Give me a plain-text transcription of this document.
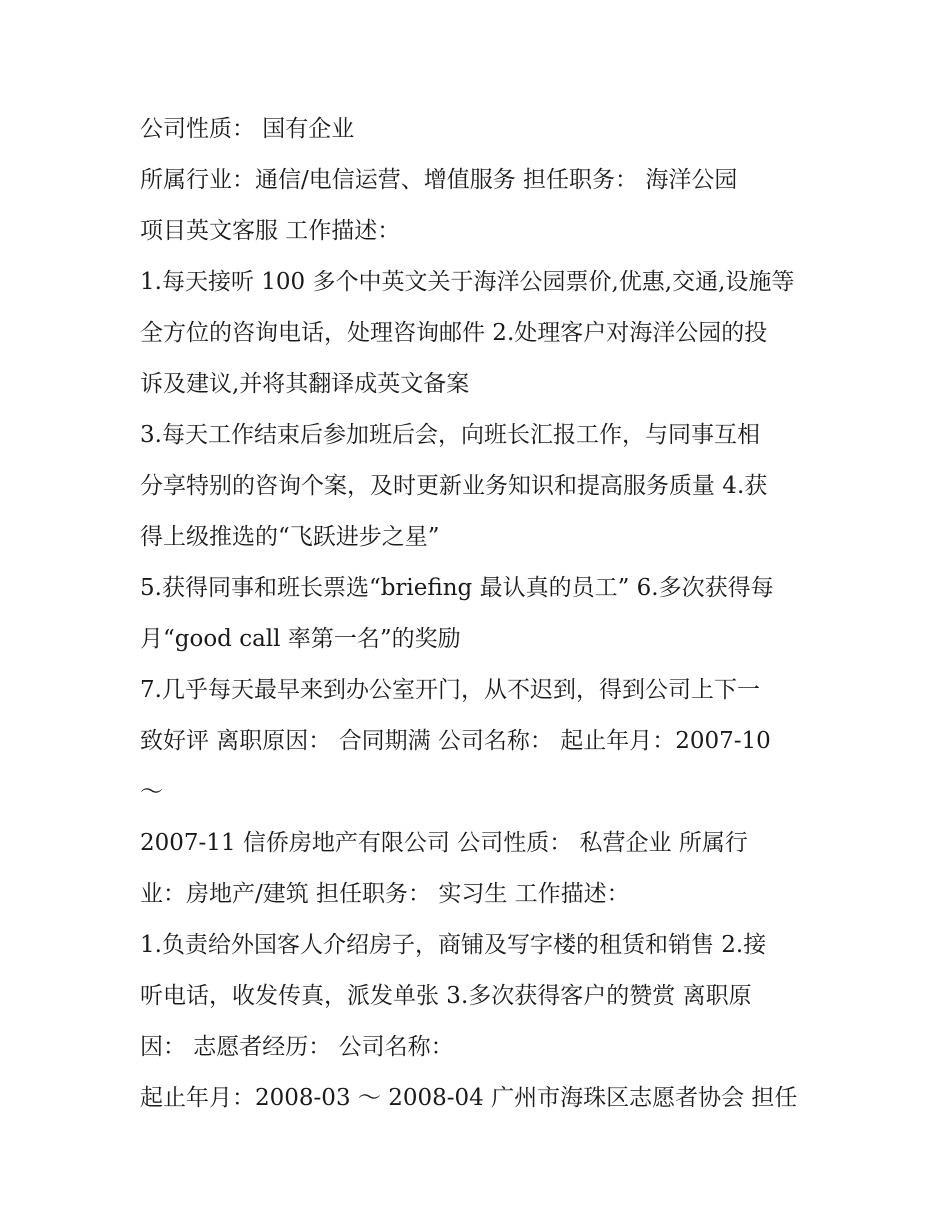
公司性质： 国有企业
所属行业：通信/电信运营、增值服务 担任职务： 海洋公园
项目英文客服 工作描述：
1.每天接听 100 多个中英文关于海洋公园票价,优惠,交通,设施等
全方位的咨询电话，处理咨询邮件 2.处理客户对海洋公园的投
诉及建议,并将其翻译成英文备案
3.每天工作结束后参加班后会，向班长汇报工作，与同事互相
分享特别的咨询个案，及时更新业务知识和提高服务质量 4.获
得上级推选的“飞跃进步之星”
5.获得同事和班长票选“briefing 最认真的员工” 6.多次获得每
月“good call 率第一名”的奖励
7.几乎每天最早来到办公室开门，从不迟到，得到公司上下一
致好评 离职原因： 合同期满 公司名称： 起止年月：2007-10
～
2007-11 信侨房地产有限公司 公司性质： 私营企业 所属行
业：房地产/建筑 担任职务： 实习生 工作描述：
1.负责给外国客人介绍房子，商铺及写字楼的租赁和销售 2.接
听电话，收发传真，派发单张 3.多次获得客户的赞赏 离职原
因： 志愿者经历： 公司名称：
起止年月：2008-03 ～ 2008-04 广州市海珠区志愿者协会 担任
